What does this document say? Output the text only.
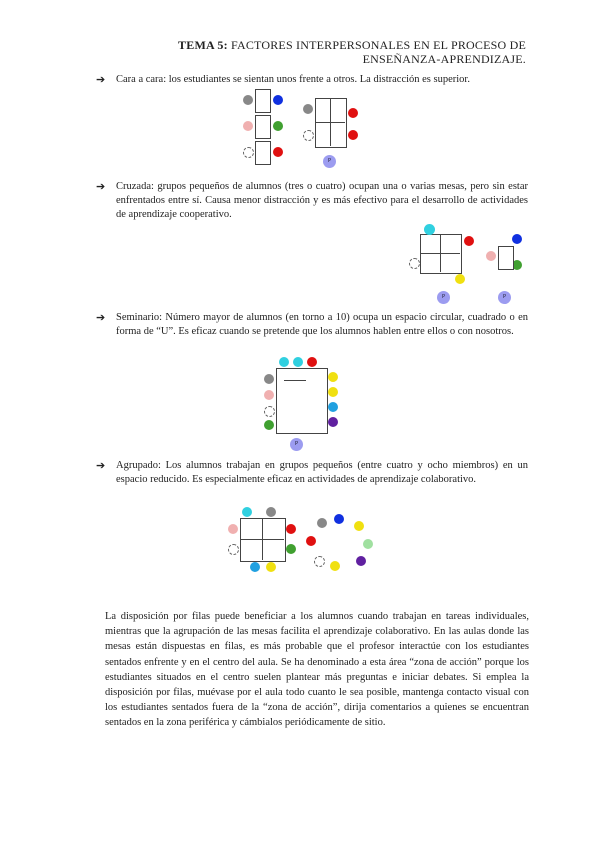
TEMA 5: FACTORES INTERPERSONALES EN EL PROCESO DE
ENSEÑANZA-APRENDIZAJE.
➔ Cara a cara: los estudiantes se sientan unos frente a otros. La distracción es superior.
P
➔ Cruzada: grupos pequeños de alumnos (tres o cuatro) ocupan una o varias mesas, pero sin estar enfrentados entre sí. Causa menor distracción y es más efectivo para el desarrollo de actividades de aprendizaje cooperativo.
P	P
➔ Seminario: Número mayor de alumnos (en torno a 10) ocupa un espacio circular, cuadrado o en forma de “U”. Es eficaz cuando se pretende que los alumnos hablen entre ellos o con nosotros.
P
➔ Agrupado: Los alumnos trabajan en grupos pequeños (entre cuatro y ocho miembros) en un espacio reducido. Es especialmente eficaz en actividades de aprendizaje colaborativo.
La disposición por filas puede beneficiar a los alumnos cuando trabajan en tareas individuales, mientras que la agrupación de las mesas facilita el aprendizaje colaborativo. En las aulas donde las mesas están dispuestas en filas, es más probable que el profesor interactúe con los estudiantes sentados enfrente y en el centro del aula. Se ha denominado a esta área “zona de acción” porque los estudiantes situados en el centro suelen plantear más preguntas e iniciar debates. Si emplea la disposición por filas, muévase por el aula todo cuanto le sea posible, mantenga contacto visual con los estudiantes sentados fuera de la “zona de acción”, dirija comentarios a quienes se encuentran sentados en la zona periférica y cámbialos periódicamente de sitio.
